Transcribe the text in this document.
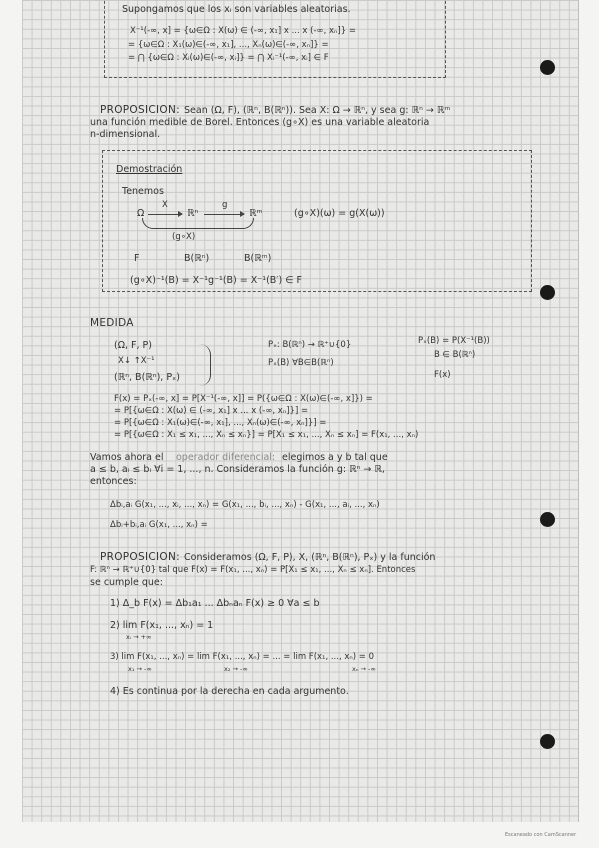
Supongamos que los xᵢ son variables aleatorias.
X⁻¹(-∞, x] = {ω∈Ω : X(ω) ∈ (-∞, x₁] x ... x (-∞, xₙ]} =
= {ω∈Ω : X₁(ω)∈(-∞, x₁], ..., Xₙ(ω)∈(-∞, xₙ]} =
= ⋂ {ω∈Ω : Xᵢ(ω)∈(-∞, xᵢ]} = ⋂ Xᵢ⁻¹(-∞, xᵢ] ∈ F
PROPOSICION: Sean (Ω, F), (ℝⁿ, B(ℝⁿ)). Sea X: Ω → ℝⁿ, y sea g: ℝⁿ → ℝᵐ
una función medible de Borel. Entonces (g∘X) es una variable aleatoria
n-dimensional.
Demostración
Tenemos
Ω
X
ℝⁿ
g
ℝᵐ
(g∘X)
(g∘X)(ω) = g(X(ω))
F	B(ℝⁿ)	B(ℝᵐ)
(g∘X)⁻¹(B) = X⁻¹g⁻¹(B) = X⁻¹(B′) ∈ F
MEDIDA
(Ω, F, P)
X↓ ↑X⁻¹
(ℝⁿ, B(ℝⁿ), Pₓ)
Pₓ: B(ℝⁿ) → ℝ⁺∪{0}
Pₓ(B) ∀B∈B(ℝⁿ)
Pₓ(B) = P(X⁻¹(B))
B ∈ B(ℝⁿ)
F(x)
F(x) = Pₓ(-∞, x] = P[X⁻¹(-∞, x]] = P({ω∈Ω : X(ω)∈(-∞, x]}) =
= P[{ω∈Ω : X(ω) ∈ (-∞, x₁] x ... x (-∞, xₙ]}] =
= P[{ω∈Ω : X₁(ω)∈(-∞, x₁], ..., Xₙ(ω)∈(-∞, xₙ]}] =
= P[{ω∈Ω : X₁ ≤ x₁, ..., Xₙ ≤ xₙ}] = P[X₁ ≤ x₁, ..., Xₙ ≤ xₙ] = F(x₁, ..., xₙ)
Vamos ahora el operador diferencial: elegimos a y b tal que
a ≤ b, aᵢ ≤ bᵢ ∀i = 1, ..., n. Consideramos la función g: ℝⁿ → ℝ,
entonces:
Δbᵢ,aᵢ G(x₁, ..., xᵢ, ..., xₙ) = G(x₁, ..., bᵢ, ..., xₙ) - G(x₁, ..., aᵢ, ..., xₙ)
Δbᵢ+bᵢ,aᵢ G(x₁, ..., xₙ) =
PROPOSICION: Consideramos (Ω, F, P), X, (ℝⁿ, B(ℝⁿ), Pₓ) y la función
F: ℝⁿ → ℝ⁺∪{0} tal que F(x) = F(x₁, ..., xₙ) = P[X₁ ≤ x₁, ..., Xₙ ≤ xₙ]. Entonces
se cumple que:
1) Δ_b F(x) = Δb₁a₁ ... Δbₙaₙ F(x) ≥ 0 ∀a ≤ b
2) lim F(x₁, ..., xₙ) = 1
xᵢ → +∞
3) lim F(x₁, ..., xₙ) = lim F(x₁, ..., xₙ) = ... = lim F(x₁, ..., xₙ) = 0
x₁ → -∞	x₂ → -∞	xₙ → -∞
4) Es continua por la derecha en cada argumento.
Escaneado con CamScanner
